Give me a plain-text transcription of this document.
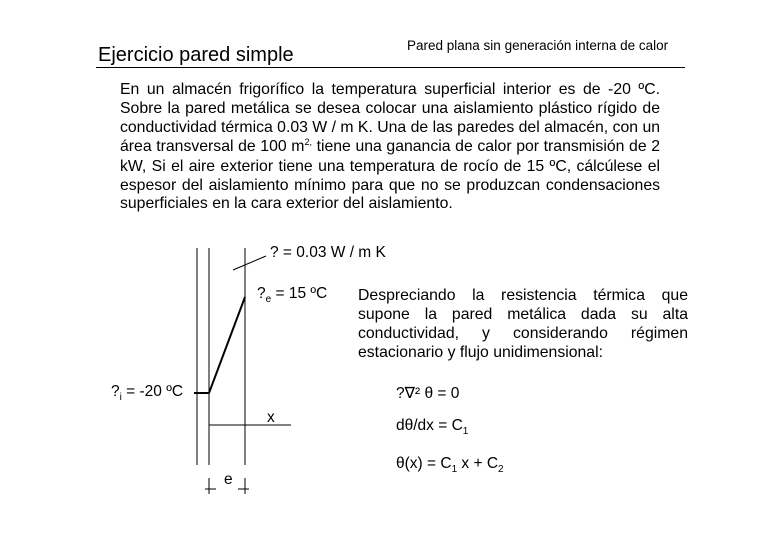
Pared plana sin generación interna de calor
Ejercicio pared simple
En un almacén frigorífico la temperatura superficial interior es de -20 ºC. Sobre la pared metálica se desea colocar una aislamiento plástico rígido de conductividad térmica 0.03 W / m K. Una de las paredes del almacén, con un área transversal de 100 $m^{2,}$ tiene una ganancia de calor por transmisión de 2 kW, Si el aire exterior tiene una temperatura de rocío de 15 ºC, cálcúlese el espesor del aislamiento mínimo para que no se produzcan condensaciones superficiales en la cara exterior del aislamiento.
? = 0.03 W / m K
$?_e = 15$ ºC
$?_i = -20$ ºC
x
e
Despreciando la resistencia térmica que supone la pared metálica dada su alta conductividad, y considerando régimen estacionario y flujo unidimensional:
?∇² θ = 0
$d\theta/dx = C_1$
$\theta(x) = C_1$ $x + C_2$
